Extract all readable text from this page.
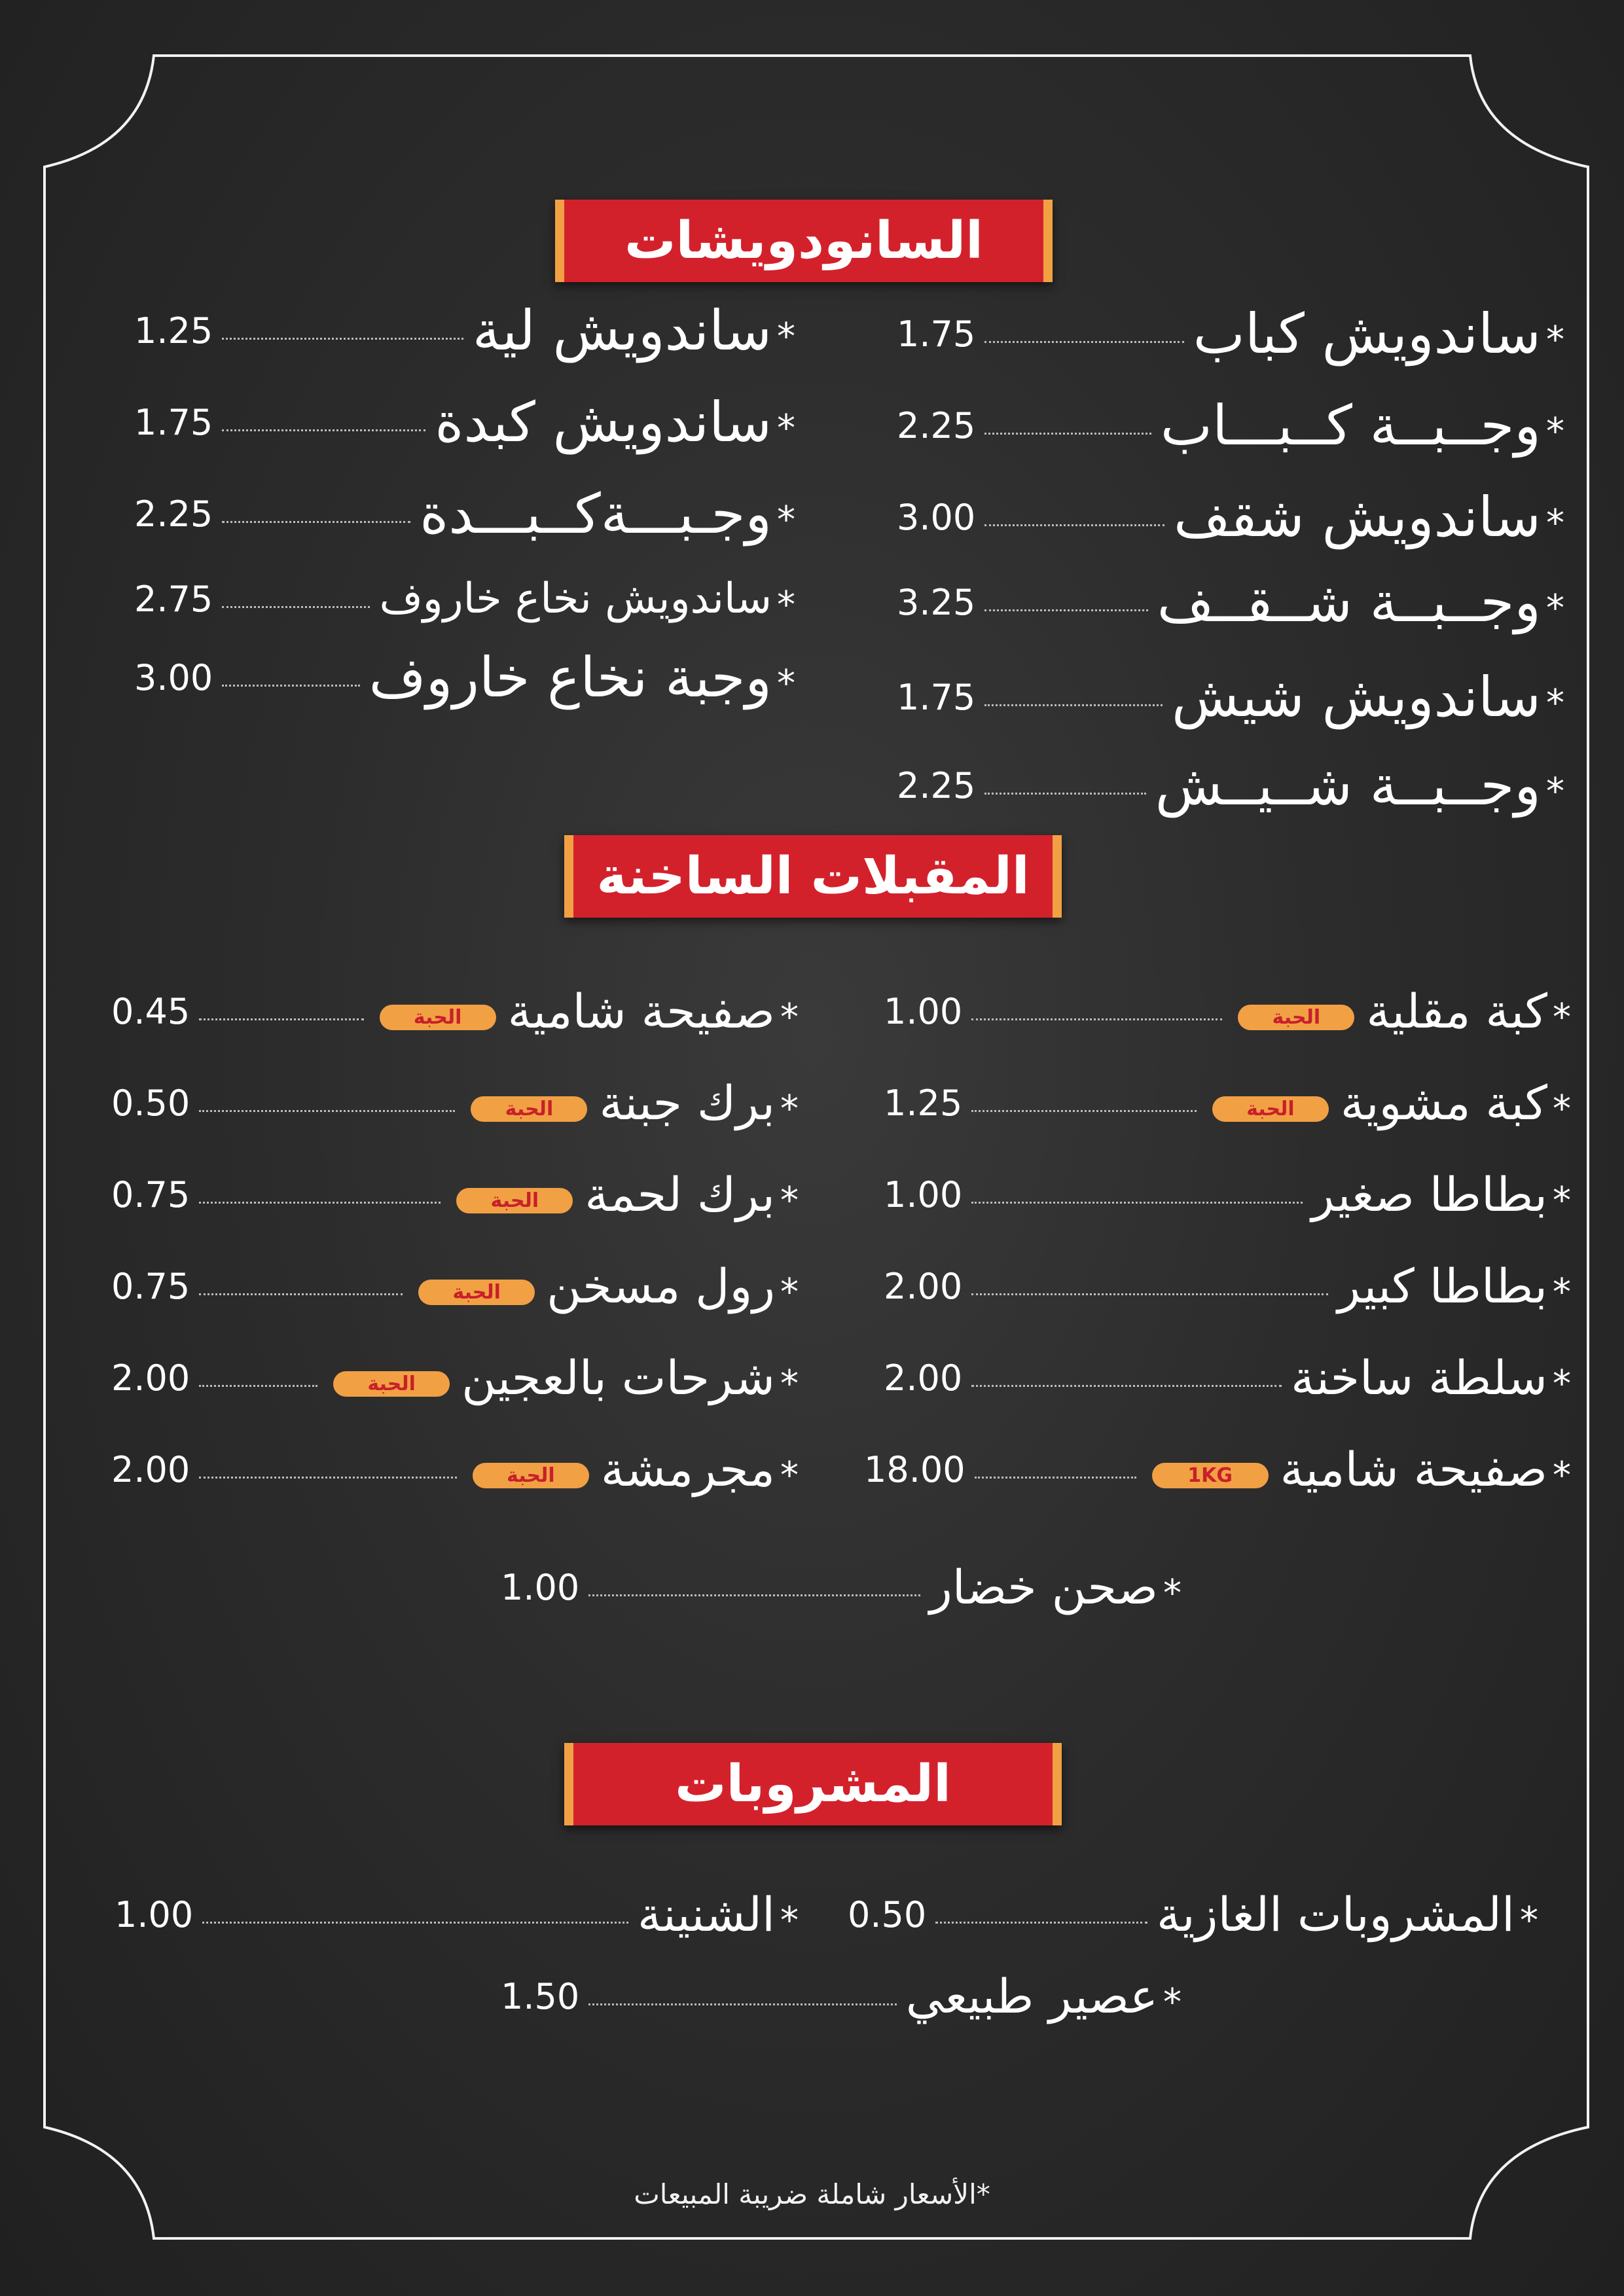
السانودويشات
1.75	ساندويش كباب *
2.25	وجــبــة كــبـــاب *
3.00	ساندويش شقف *
3.25	وجــبــة شــقــف *
1.75	ساندويش شيش *
2.25	وجــبــة شــيــش *
1.25	ساندويش لية *
1.75	ساندويش كبدة *
2.25	وجـبـــةكــبـــدة *
2.75	ساندويش نخاع خاروف *
3.00	وجبة نخاع خاروف *
المقبلات الساخنة
1.00	الحبة كبة مقلية *
1.25	الحبة كبة مشوية *
1.00	بطاطا صغير *
2.00	بطاطا كبير *
2.00	سلطة ساخنة *
18.00	1KG	صفيحة شامية *
0.45	الحبة صفيحة شامية *
0.50	الحبة برك جبنة *
0.75	الحبة برك لحمة *
0.75	الحبة رول مسخن *
2.00	الحبة شرحات بالعجين *
2.00	الحبة مجرمشة *
1.00	صحن خضار *
المشروبات
0.50	المشروبات الغازية *
1.00	الشنينة *
1.50	عصير طبيعي *
*الأسعار شاملة ضريبة المبيعات
